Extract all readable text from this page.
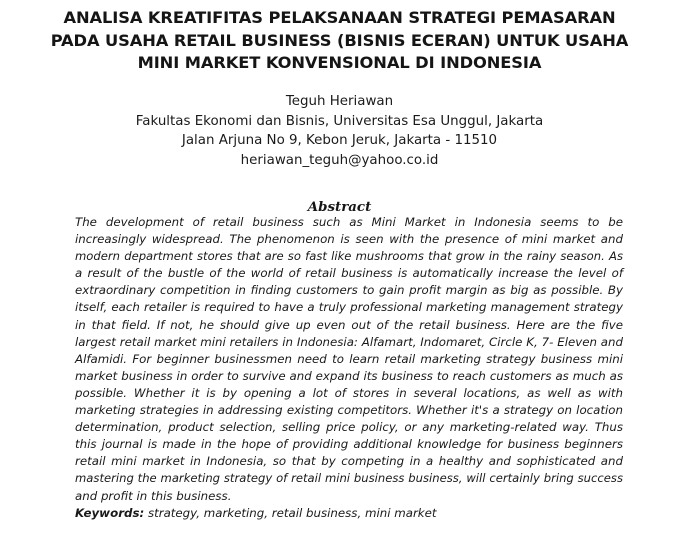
ANALISA KREATIFITAS PELAKSANAAN STRATEGI PEMASARAN
PADA USAHA RETAIL BUSINESS (BISNIS ECERAN) UNTUK USAHA
MINI MARKET KONVENSIONAL DI INDONESIA
Teguh Heriawan
Fakultas Ekonomi dan Bisnis, Universitas Esa Unggul, Jakarta
Jalan Arjuna No 9, Kebon Jeruk, Jakarta - 11510
heriawan_teguh@yahoo.co.id
Abstract
The development of retail business such as Mini Market in Indonesia seems to be
increasingly widespread. The phenomenon is seen with the presence of mini market and
modern department stores that are so fast like mushrooms that grow in the rainy season. As
a result of the bustle of the world of retail business is automatically increase the level of
extraordinary competition in finding customers to gain profit margin as big as possible. By
itself, each retailer is required to have a truly professional marketing management strategy
in that field. If not, he should give up even out of the retail business. Here are the five
largest retail market mini retailers in Indonesia: Alfamart, Indomaret, Circle K, 7- Eleven and
Alfamidi. For beginner businessmen need to learn retail marketing strategy business mini
market business in order to survive and expand its business to reach customers as much as
possible. Whether it is by opening a lot of stores in several locations, as well as with
marketing strategies in addressing existing competitors. Whether it's a strategy on location
determination, product selection, selling price policy, or any marketing-related way. Thus
this journal is made in the hope of providing additional knowledge for business beginners
retail mini market in Indonesia, so that by competing in a healthy and sophisticated and
mastering the marketing strategy of retail mini business business, will certainly bring success
and profit in this business.
Keywords: strategy, marketing, retail business, mini market
